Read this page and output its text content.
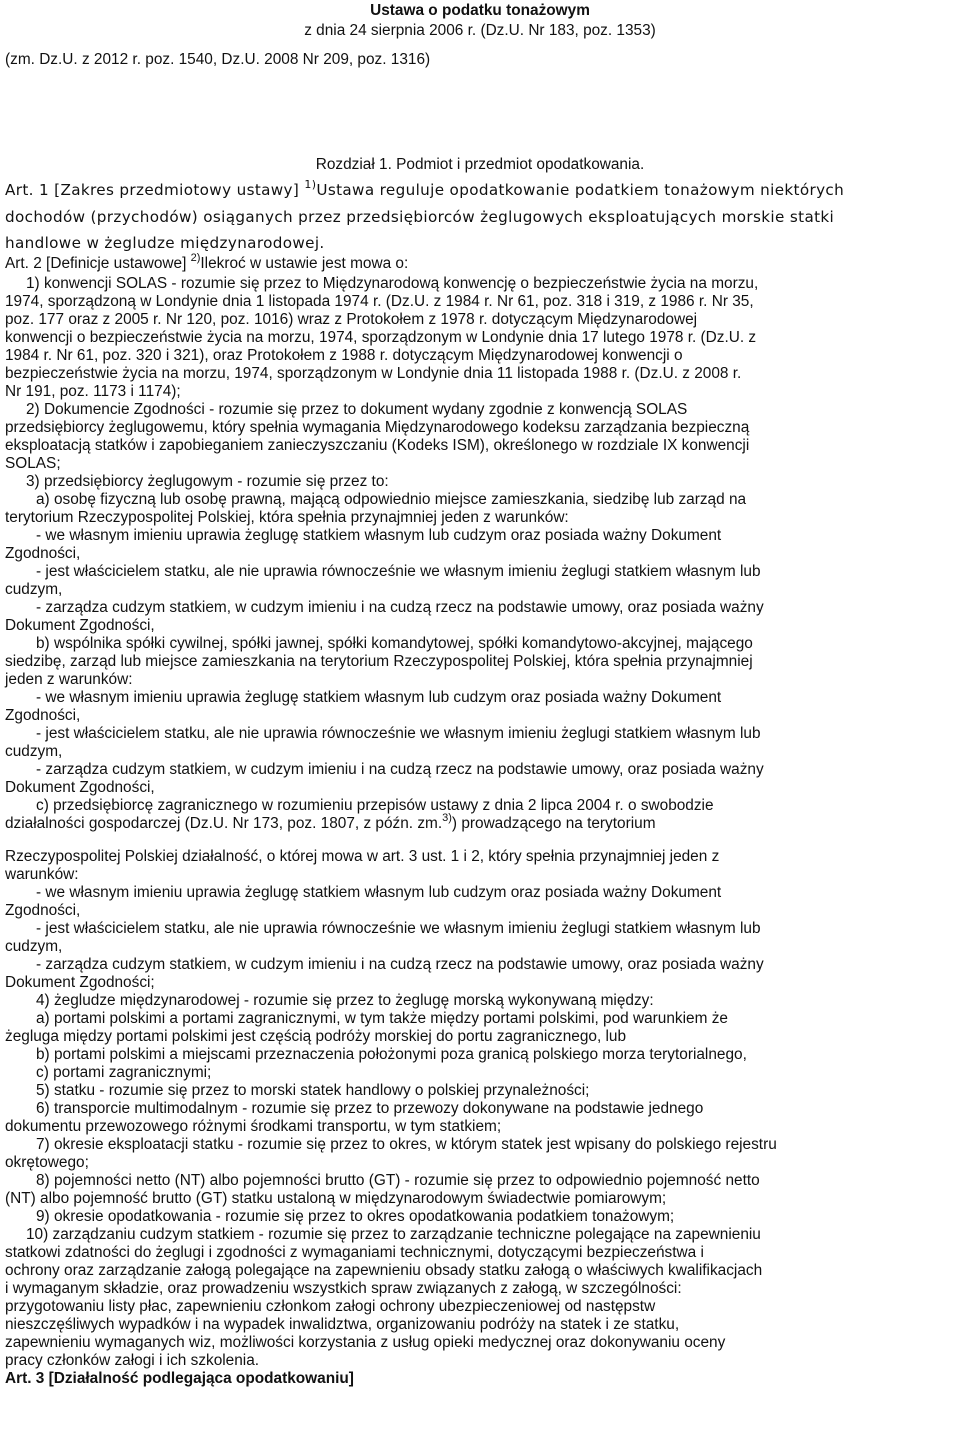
Ustawa o podatku tonażowym
z dnia 24 sierpnia 2006 r. (Dz.U. Nr 183, poz. 1353)
(zm. Dz.U. z 2012 r. poz. 1540, Dz.U. 2008 Nr 209, poz. 1316)
Rozdział 1. Podmiot i przedmiot opodatkowania.
Art. 1 [Zakres przedmiotowy ustawy] $^{1)}$Ustawa reguluje opodatkowanie podatkiem tonażowym niektórych
dochodów (przychodów) osiąganych przez przedsiębiorców żeglugowych eksploatujących morskie statki
handlowe w żegludze międzynarodowej.
Art. 2 [Definicje ustawowe] $^{2)}$Ilekroć w ustawie jest mowa o:
1) konwencji SOLAS - rozumie się przez to Międzynarodową konwencję o bezpieczeństwie życia na morzu,
1974, sporządzoną w Londynie dnia 1 listopada 1974 r. (Dz.U. z 1984 r. Nr 61, poz. 318 i 319, z 1986 r. Nr 35,
poz. 177 oraz z 2005 r. Nr 120, poz. 1016) wraz z Protokołem z 1978 r. dotyczącym Międzynarodowej
konwencji o bezpieczeństwie życia na morzu, 1974, sporządzonym w Londynie dnia 17 lutego 1978 r. (Dz.U. z
1984 r. Nr 61, poz. 320 i 321), oraz Protokołem z 1988 r. dotyczącym Międzynarodowej konwencji o
bezpieczeństwie życia na morzu, 1974, sporządzonym w Londynie dnia 11 listopada 1988 r. (Dz.U. z 2008 r.
Nr 191, poz. 1173 i 1174);
2) Dokumencie Zgodności - rozumie się przez to dokument wydany zgodnie z konwencją SOLAS
przedsiębiorcy żeglugowemu, który spełnia wymagania Międzynarodowego kodeksu zarządzania bezpieczną
eksploatacją statków i zapobieganiem zanieczyszczaniu (Kodeks ISM), określonego w rozdziale IX konwencji
SOLAS;
3) przedsiębiorcy żeglugowym - rozumie się przez to:
a) osobę fizyczną lub osobę prawną, mającą odpowiednio miejsce zamieszkania, siedzibę lub zarząd na
terytorium Rzeczypospolitej Polskiej, która spełnia przynajmniej jeden z warunków:
- we własnym imieniu uprawia żeglugę statkiem własnym lub cudzym oraz posiada ważny Dokument
Zgodności,
- jest właścicielem statku, ale nie uprawia równocześnie we własnym imieniu żeglugi statkiem własnym lub
cudzym,
- zarządza cudzym statkiem, w cudzym imieniu i na cudzą rzecz na podstawie umowy, oraz posiada ważny
Dokument Zgodności,
b) wspólnika spółki cywilnej, spółki jawnej, spółki komandytowej, spółki komandytowo-akcyjnej, mającego
siedzibę, zarząd lub miejsce zamieszkania na terytorium Rzeczypospolitej Polskiej, która spełnia przynajmniej
jeden z warunków:
- we własnym imieniu uprawia żeglugę statkiem własnym lub cudzym oraz posiada ważny Dokument
Zgodności,
- jest właścicielem statku, ale nie uprawia równocześnie we własnym imieniu żeglugi statkiem własnym lub
cudzym,
- zarządza cudzym statkiem, w cudzym imieniu i na cudzą rzecz na podstawie umowy, oraz posiada ważny
Dokument Zgodności,
c) przedsiębiorcę zagranicznego w rozumieniu przepisów ustawy z dnia 2 lipca 2004 r. o swobodzie
działalności gospodarczej (Dz.U. Nr 173, poz. 1807, z późn. zm.$^{3)}$) prowadzącego na terytorium
Rzeczypospolitej Polskiej działalność, o której mowa w art. 3 ust. 1 i 2, który spełnia przynajmniej jeden z
warunków:
- we własnym imieniu uprawia żeglugę statkiem własnym lub cudzym oraz posiada ważny Dokument
Zgodności,
- jest właścicielem statku, ale nie uprawia równocześnie we własnym imieniu żeglugi statkiem własnym lub
cudzym,
- zarządza cudzym statkiem, w cudzym imieniu i na cudzą rzecz na podstawie umowy, oraz posiada ważny
Dokument Zgodności;
4) żegludze międzynarodowej - rozumie się przez to żeglugę morską wykonywaną między:
a) portami polskimi a portami zagranicznymi, w tym także między portami polskimi, pod warunkiem że
żegluga między portami polskimi jest częścią podróży morskiej do portu zagranicznego, lub
b) portami polskimi a miejscami przeznaczenia położonymi poza granicą polskiego morza terytorialnego,
c) portami zagranicznymi;
5) statku - rozumie się przez to morski statek handlowy o polskiej przynależności;
6) transporcie multimodalnym - rozumie się przez to przewozy dokonywane na podstawie jednego
dokumentu przewozowego różnymi środkami transportu, w tym statkiem;
7) okresie eksploatacji statku - rozumie się przez to okres, w którym statek jest wpisany do polskiego rejestru
okrętowego;
8) pojemności netto (NT) albo pojemności brutto (GT) - rozumie się przez to odpowiednio pojemność netto
(NT) albo pojemność brutto (GT) statku ustaloną w międzynarodowym świadectwie pomiarowym;
9) okresie opodatkowania - rozumie się przez to okres opodatkowania podatkiem tonażowym;
10) zarządzaniu cudzym statkiem - rozumie się przez to zarządzanie techniczne polegające na zapewnieniu
statkowi zdatności do żeglugi i zgodności z wymaganiami technicznymi, dotyczącymi bezpieczeństwa i
ochrony oraz zarządzanie załogą polegające na zapewnieniu obsady statku załogą o właściwych kwalifikacjach
i wymaganym składzie, oraz prowadzeniu wszystkich spraw związanych z załogą, w szczególności:
przygotowaniu listy płac, zapewnieniu członkom załogi ochrony ubezpieczeniowej od następstw
nieszczęśliwych wypadków i na wypadek inwalidztwa, organizowaniu podróży na statek i ze statku,
zapewnieniu wymaganych wiz, możliwości korzystania z usług opieki medycznej oraz dokonywaniu oceny
pracy członków załogi i ich szkolenia.
Art. 3 [Działalność podlegająca opodatkowaniu]
